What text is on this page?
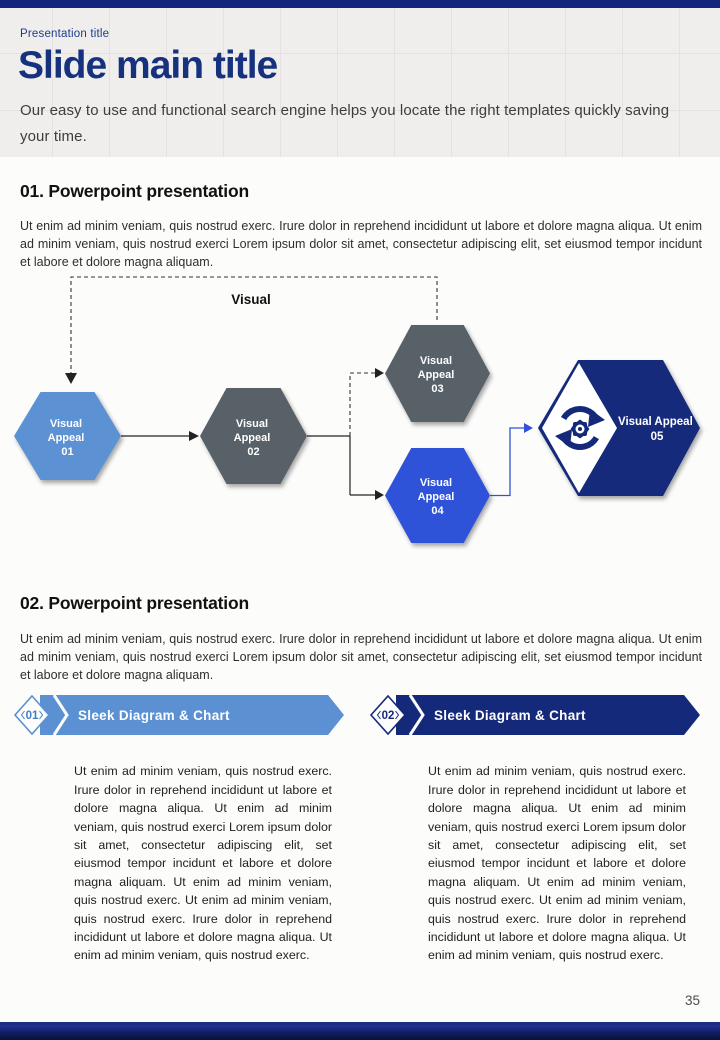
Presentation title
Slide main title
Our easy to use and functional search engine helps you locate the right templates quickly saving your time.
01. Powerpoint presentation

Ut enim ad minim veniam, quis nostrud exerc. Irure dolor in reprehend incididunt ut labore et dolore magna aliqua. Ut enim ad minim veniam, quis nostrud exerci Lorem ipsum dolor sit amet, consectetur adipiscing elit, set eiusmod tempor incidunt et labore et dolore magna aliquam.

Visual
Visual Appeal 01
Visual Appeal 02
Visual Appeal 03
Visual Appeal 04
Visual Appeal 05
02. Powerpoint presentation

Ut enim ad minim veniam, quis nostrud exerc. Irure dolor in reprehend incididunt ut labore et dolore magna aliqua. Ut enim ad minim veniam, quis nostrud exerci Lorem ipsum dolor sit amet, consectetur adipiscing elit, set eiusmod tempor incidunt et labore et dolore magna aliquam.

01	Sleek Diagram & Chart	02	Sleek Diagram & Chart

Ut enim ad minim veniam, quis nostrud exerc. Irure dolor in reprehend incididunt ut labore et dolore magna aliqua. Ut enim ad minim veniam, quis nostrud exerci Lorem ipsum dolor sit amet, consectetur adipiscing elit, set eiusmod tempor incidunt et labore et dolore magna aliquam. Ut enim ad minim veniam, quis nostrud exerc. Ut enim ad minim veniam, quis nostrud exerc. Irure dolor in reprehend incididunt ut labore et dolore magna aliqua. Ut enim ad minim veniam, quis nostrud exerc.

Ut enim ad minim veniam, quis nostrud exerc. Irure dolor in reprehend incididunt ut labore et dolore magna aliqua. Ut enim ad minim veniam, quis nostrud exerci Lorem ipsum dolor sit amet, consectetur adipiscing elit, set eiusmod tempor incidunt et labore et dolore magna aliquam. Ut enim ad minim veniam, quis nostrud exerc. Ut enim ad minim veniam, quis nostrud exerc. Irure dolor in reprehend incididunt ut labore et dolore magna aliqua. Ut enim ad minim veniam, quis nostrud exerc.

35
